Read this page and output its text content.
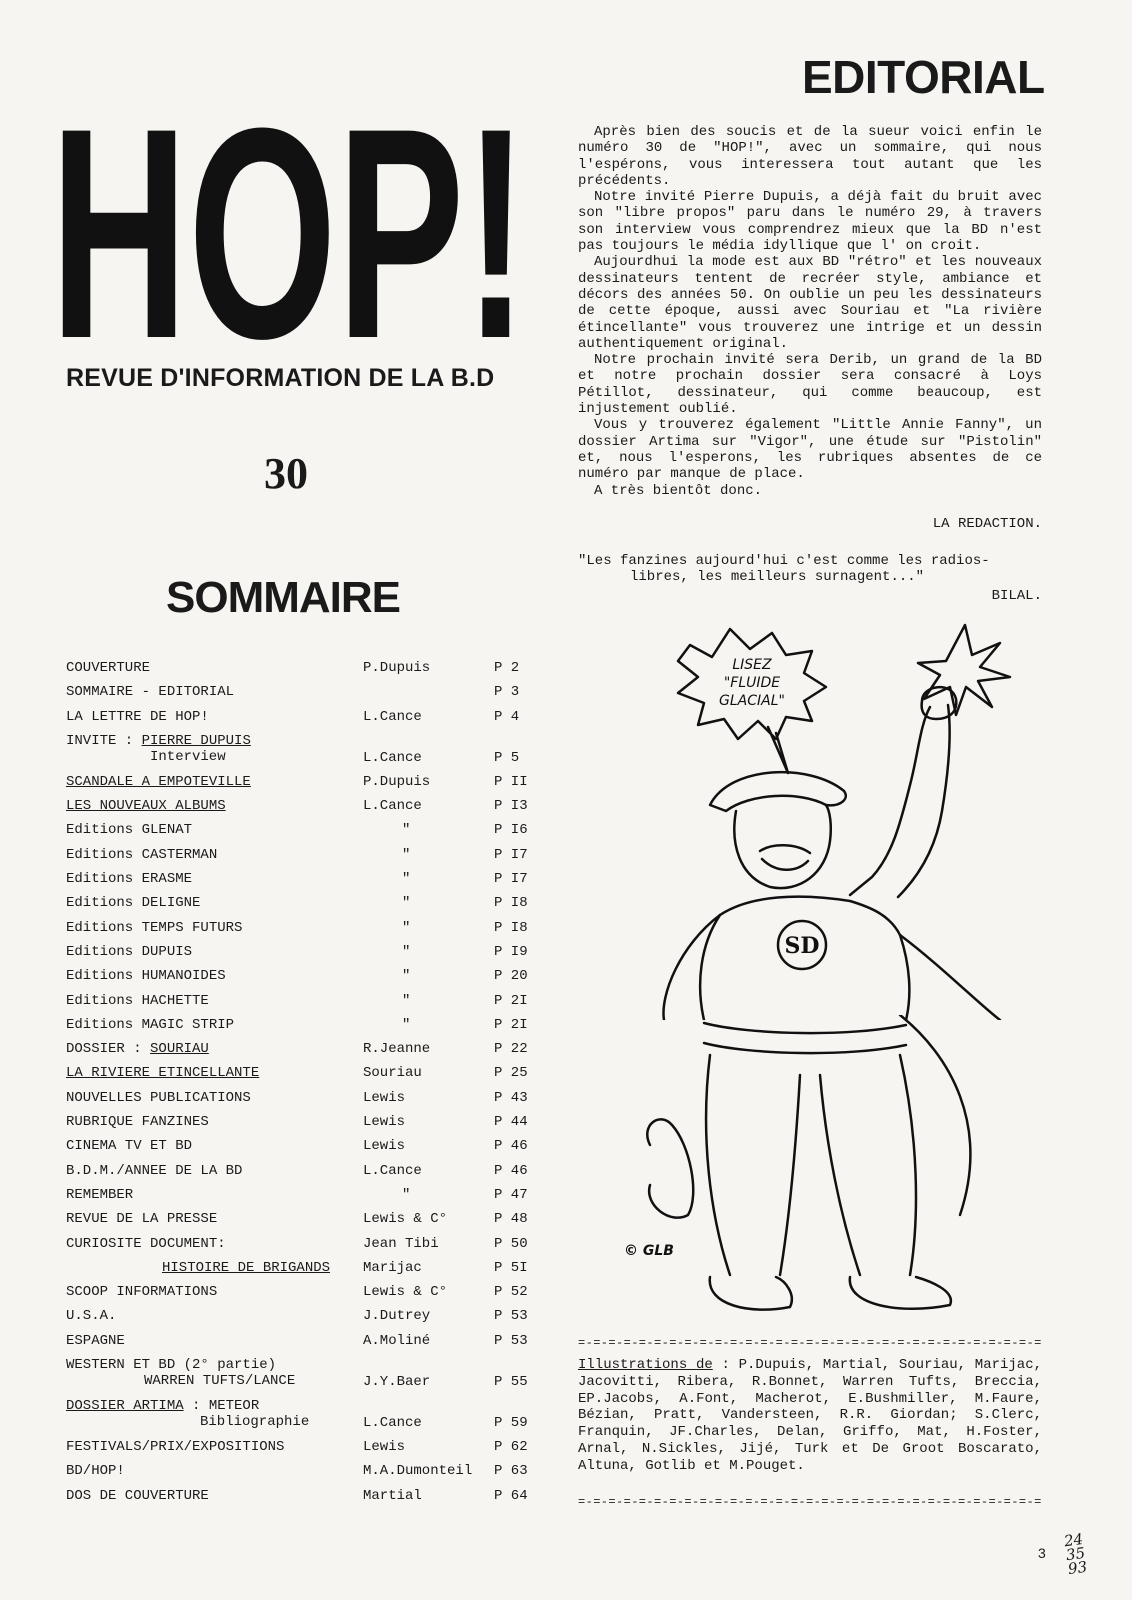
HOP!
REVUE D'INFORMATION DE LA B.D
30
SOMMAIRE
COUVERTURE	P.Dupuis	P 2
SOMMAIRE - EDITORIAL	P 3
LA LETTRE DE HOP!	L.Cance	P 4
INVITE : PIERRE DUPUIS
Interview	L.Cance	P 5
SCANDALE A EMPOTEVILLE	P.Dupuis	P II
LES NOUVEAUX ALBUMS	L.Cance	P I3
Editions GLENAT	"	P I6
Editions CASTERMAN	"	P I7
Editions ERASME	"	P I7
Editions DELIGNE	"	P I8
Editions TEMPS FUTURS	"	P I8
Editions DUPUIS	"	P I9
Editions HUMANOIDES	"	P 20
Editions HACHETTE	"	P 2I
Editions MAGIC STRIP	"	P 2I
DOSSIER : SOURIAU	R.Jeanne	P 22
LA RIVIERE ETINCELLANTE	Souriau	P 25
NOUVELLES PUBLICATIONS	Lewis	P 43
RUBRIQUE FANZINES	Lewis	P 44
CINEMA TV ET BD	Lewis	P 46
B.D.M./ANNEE DE LA BD	L.Cance	P 46
REMEMBER	"	P 47
REVUE DE LA PRESSE	Lewis & C°	P 48
CURIOSITE DOCUMENT:	Jean Tibi	P 50
HISTOIRE DE BRIGANDS Marijac	P 5I
SCOOP INFORMATIONS	Lewis & C°	P 52
U.S.A.	J.Dutrey	P 53
ESPAGNE	A.Moliné	P 53
WESTERN ET BD (2° partie)
WARREN TUFTS/LANCE	J.Y.Baer	P 55
DOSSIER ARTIMA : METEOR
Bibliographie	L.Cance	P 59
FESTIVALS/PRIX/EXPOSITIONS	Lewis	P 62
BD/HOP!	M.A.Dumonteil P 63
DOS DE COUVERTURE	Martial	P 64
EDITORIAL

Après bien des soucis et de la sueur voici enfin le numéro 30 de "HOP!", avec un sommaire, qui nous l'espérons, vous interessera tout autant que les précédents.

Notre invité Pierre Dupuis, a déjà fait du bruit avec son "libre propos" paru dans le numéro 29, à travers son interview vous comprendrez mieux que la BD n'est pas toujours le média idyllique que l' on croit.

Aujourdhui la mode est aux BD "rétro" et les nouveaux dessinateurs tentent de recréer style, ambiance et décors des années 50. On oublie un peu les dessinateurs de cette époque, aussi avec Souriau et "La rivière étincellante" vous trouverez une intrige et un dessin authentiquement original.

Notre prochain invité sera Derib, un grand de la BD et notre prochain dossier sera consacré à Loys Pétillot, dessinateur, qui comme beaucoup, est injustement oublié.

Vous y trouverez également "Little Annie Fanny", un dossier Artima sur "Vigor", une étude sur "Pistolin" et, nous l'esperons, les rubriques absentes de ce numéro par manque de place.

A très bientôt donc.

LA REDACTION.

"Les fanzines aujourd'hui c'est comme les radios-

libres, les meilleurs surnagent..."

BILAL.

LISEZ
"FLUIDE
GLACIAL"
SD
© GLB
=-=-=-=-=-=-=-=-=-=-=-=-=-=-=-=-=-=-=-=-=-=-=-=-=-=-=-=-=-=-=
Illustrations de : P.Dupuis, Martial, Souriau, Marijac, Jacovitti, Ribera, R.Bonnet, Warren Tufts, Breccia, EP.Jacobs, A.Font, Macherot, E.Bushmiller, M.Faure, Bézian, Pratt, Vandersteen, R.R. Giordan; S.Clerc, Franquin, JF.Charles, Delan, Griffo, Mat, H.Foster, Arnal, N.Sickles, Jijé, Turk et De Groot Boscarato, Altuna, Gotlib et M.Pouget.
=-=-=-=-=-=-=-=-=-=-=-=-=-=-=-=-=-=-=-=-=-=-=-=-=-=-=-=-=-=-=
3
24
35
93
